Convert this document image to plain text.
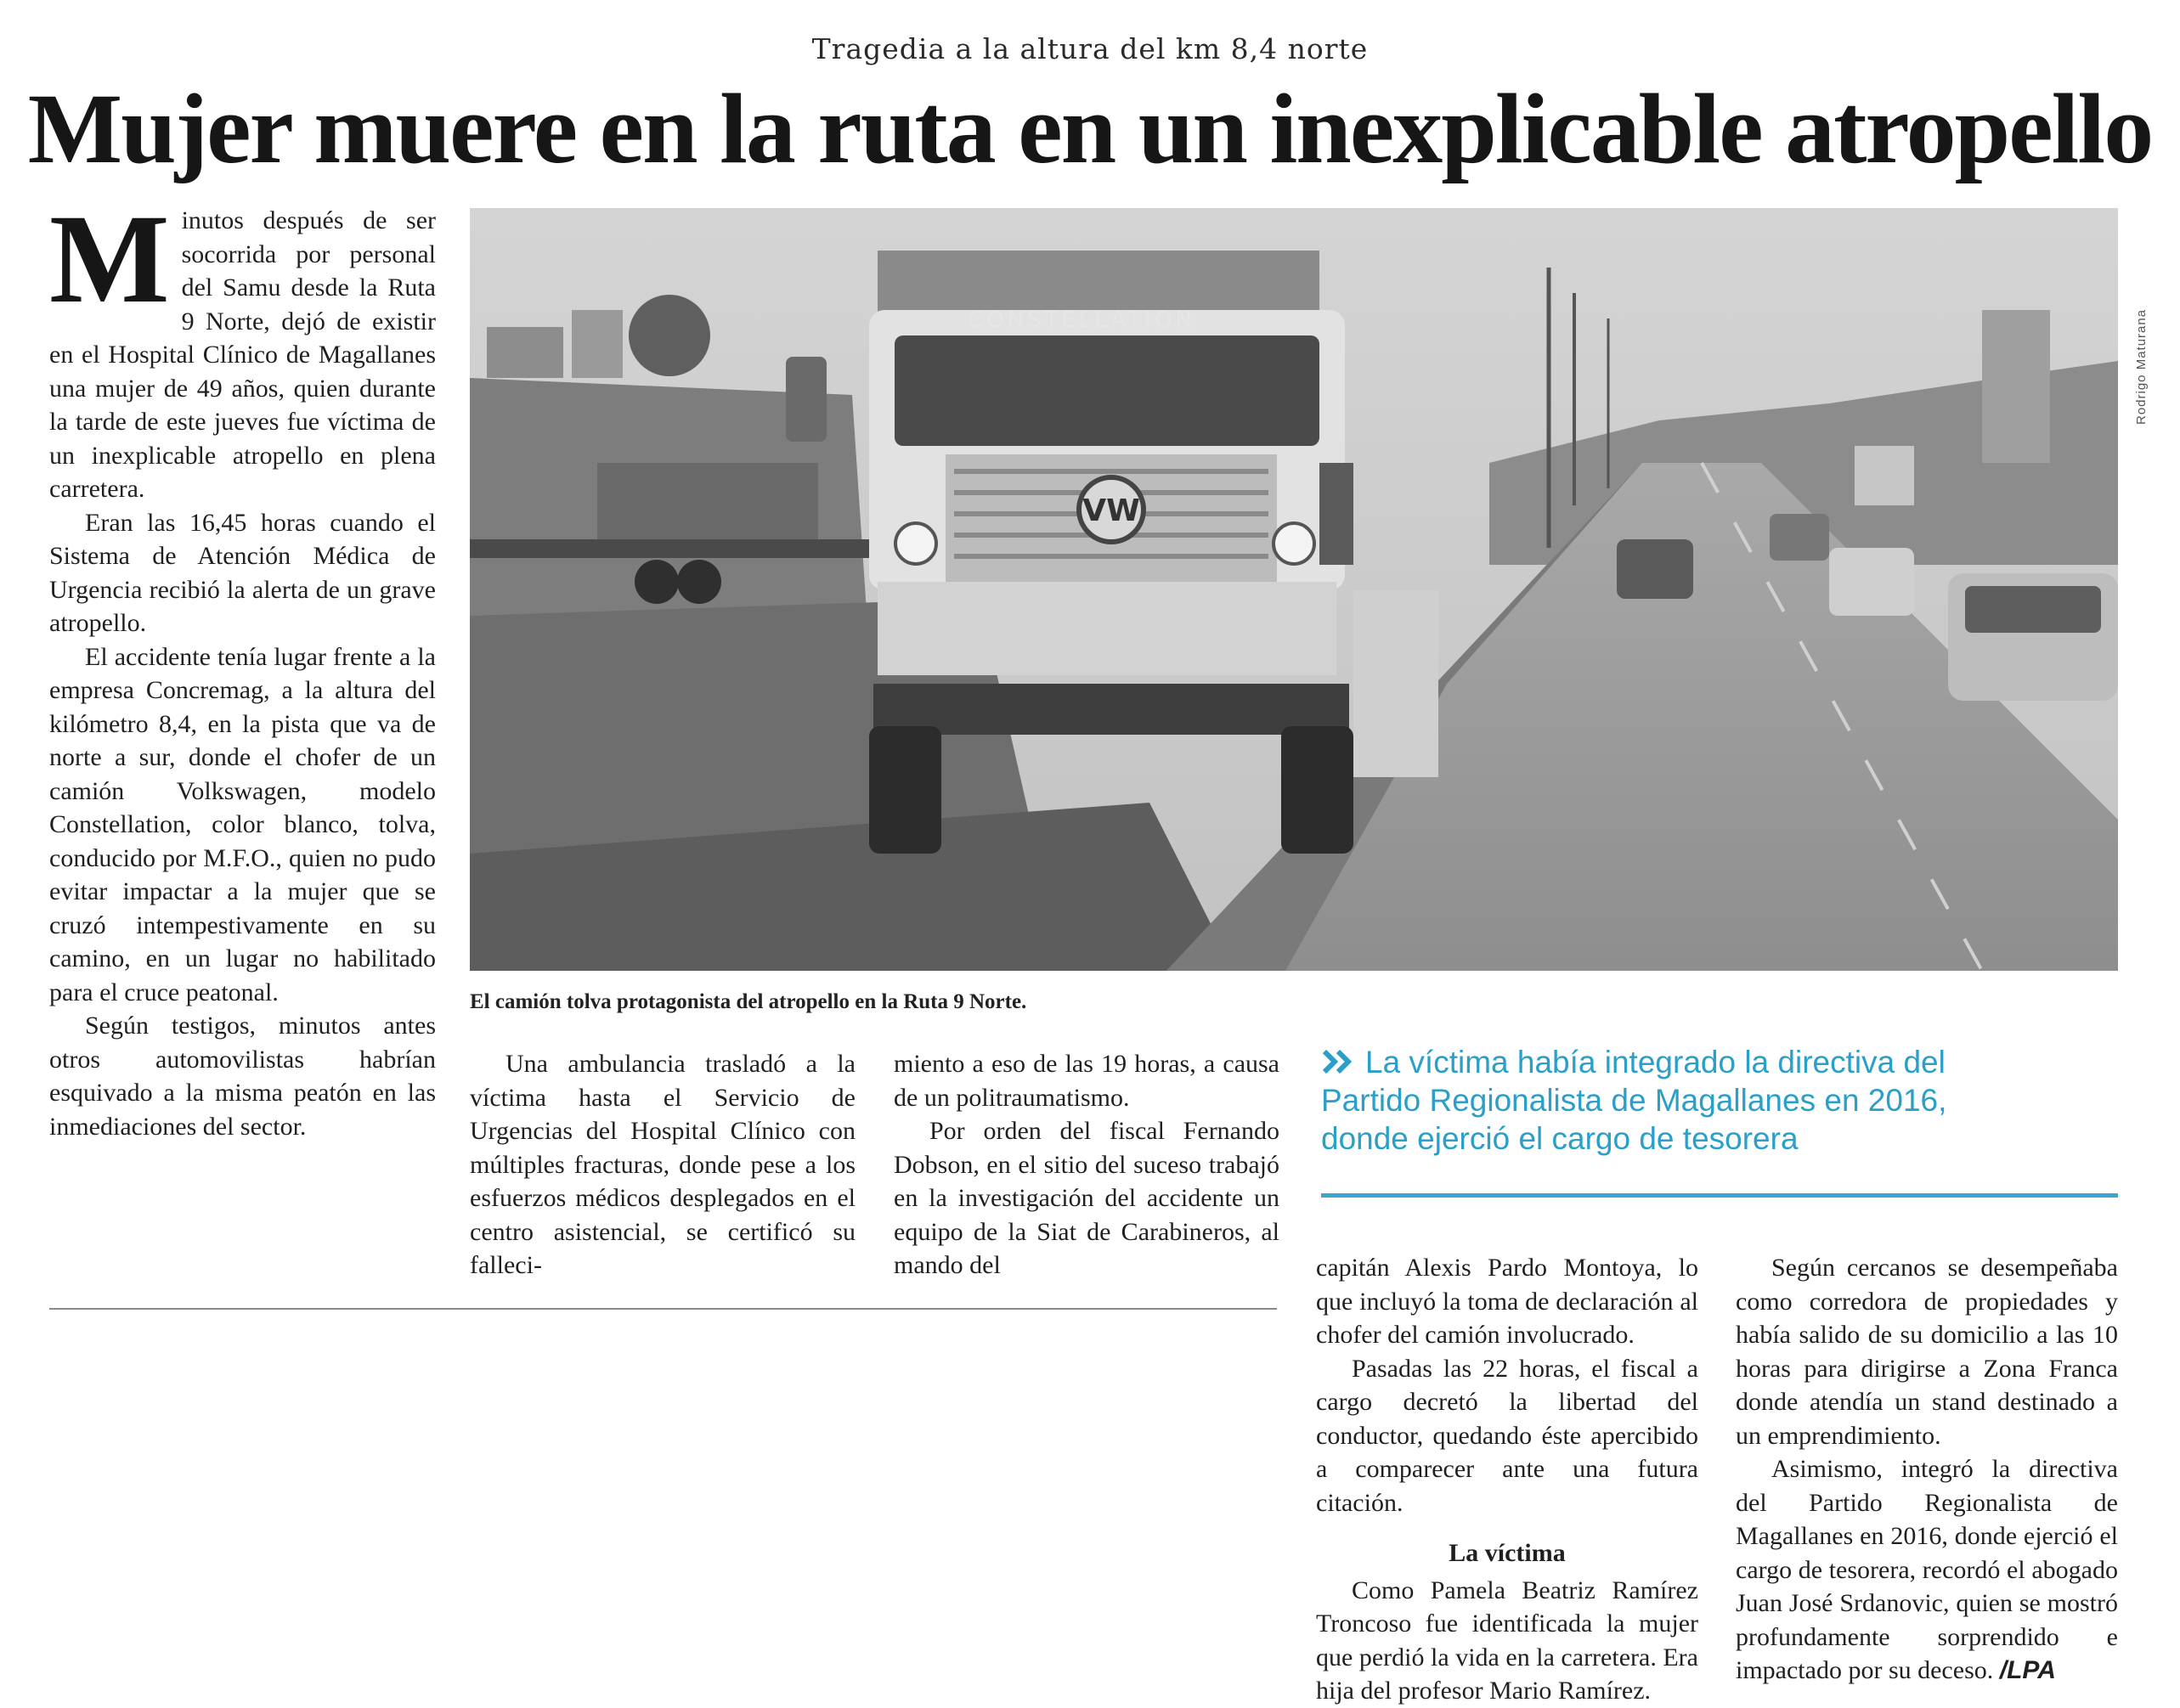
Tragedia a la altura del km 8,4 norte
Mujer muere en la ruta en un inexplicable atropello

Minutos después de ser socorrida por personal del Samu desde la Ruta 9 Norte, dejó de existir en el Hospital Clínico de Magallanes una mujer de 49 años, quien durante la tarde de este jueves fue víctima de un inexplicable atropello en plena carretera.

Eran las 16,45 horas cuando el Sistema de Atención Médica de Urgencia recibió la alerta de un grave atropello.

El accidente tenía lugar frente a la empresa Concremag, a la altura del kilómetro 8,4, en la pista que va de norte a sur, donde el chofer de un camión Volkswagen, modelo Constellation, color blanco, tolva, conducido por M.F.O., quien no pudo evitar impactar a la mujer que se cruzó intempestivamente en su camino, en un lugar no habilitado para el cruce peatonal.

Según testigos, minutos antes otros automovilistas habrían esquivado a la misma peatón en las inmediaciones del sector.

VW
CONSTELLATION	Rodrigo Maturana
El camión tolva protagonista del atropello en la Ruta 9 Norte.

Una ambulancia trasladó a la víctima hasta el Servicio de Urgencias del Hospital Clínico con múltiples fracturas, donde pese a los esfuerzos médicos desplegados en el centro asistencial, se certificó su falleci-

miento a eso de las 19 horas, a causa de un politraumatismo.

Por orden del fiscal Fernando Dobson, en el sitio del suceso trabajó en la investigación del accidente un equipo de la Siat de Carabineros, al mando del

La víctima había integrado la directiva del Partido Regionalista de Magallanes en 2016, donde ejerció el cargo de tesorera

capitán Alexis Pardo Montoya, lo que incluyó la toma de declaración al chofer del camión involucrado.

Pasadas las 22 horas, el fiscal a cargo decretó la libertad del conductor, quedando éste apercibido a comparecer ante una futura citación.

La víctima

Como Pamela Beatriz Ramírez Troncoso fue identificada la mujer que perdió la vida en la carretera. Era hija del profesor Mario Ramírez.

Según cercanos se desempeñaba como corredora de propiedades y había salido de su domicilio a las 10 horas para dirigirse a Zona Franca donde atendía un stand destinado a un emprendimiento.

Asimismo, integró la directiva del Partido Regionalista de Magallanes en 2016, donde ejerció el cargo de tesorera, recordó el abogado Juan José Srdanovic, quien se mostró profundamente sorprendido e impactado por su deceso. /LPA
